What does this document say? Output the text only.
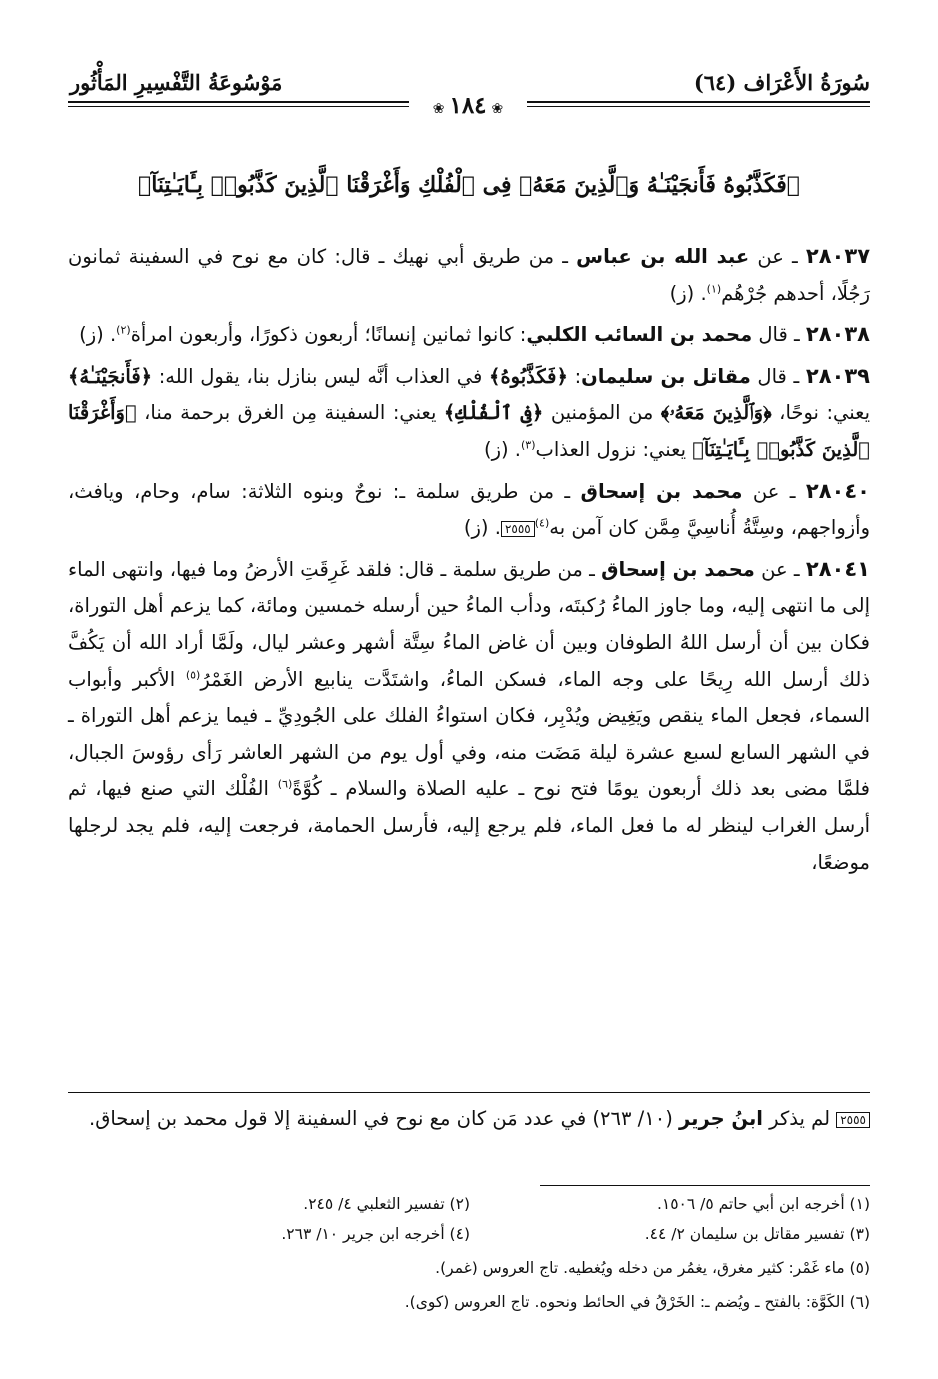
سُورَةُ الأَعْرَاف (٦٤)
مَوْسُوعَةُ التَّفْسِيرِ المَأْثُور
❀١٨٤❀
﴿فَكَذَّبُوهُ فَأَنجَيْنَـٰهُ وَٱلَّذِينَ مَعَهُۥ فِى ٱلْفُلْكِ وَأَغْرَقْنَا ٱلَّذِينَ كَذَّبُوا۟ بِـَٔايَـٰتِنَآ﴾

٢٨٠٣٧ ـ عن عبد الله بن عباس ـ من طريق أبي نهيك ـ قال: كان مع نوح في السفينة ثمانون رَجُلًا، أحدهم جُرْهُم$^{(١)}$. (ز)

٢٨٠٣٨ ـ قال محمد بن السائب الكلبي: كانوا ثمانين إنسانًا؛ أربعون ذكورًا، وأربعون امرأة$^{(٢)}$. (ز)

٢٨٠٣٩ ـ قال مقاتل بن سليمان: ﴿فَكَذَّبُوهُ﴾ في العذاب أنَّه ليس بنازل بنا، يقول الله: ﴿فَأَنجَيْنَـٰهُ﴾ يعني: نوحًا، ﴿وَٱلَّذِينَ مَعَهُۥ﴾ من المؤمنين ﴿فِى ٱلْفُلْكِ﴾ يعني: السفينة مِن الغرق برحمة منا، ﴿وَأَغْرَقْنَا ٱلَّذِينَ كَذَّبُوا۟ بِـَٔايَـٰتِنَآ﴾ يعني: نزول العذاب$^{(٣)}$. (ز)

٢٨٠٤٠ ـ عن محمد بن إسحاق ـ من طريق سلمة ـ: نوحٌ وبنوه الثلاثة: سام، وحام، ويافث، وأزواجهم، وسِتَّةُ أُناسِيَّ مِمَّن كان آمن به$^{(٤)}$٢٥٥٥. (ز)

٢٨٠٤١ ـ عن محمد بن إسحاق ـ من طريق سلمة ـ قال: فلقد غَرِقَتِ الأرضُ وما فيها، وانتهى الماء إلى ما انتهى إليه، وما جاوز الماءُ رُكبتَه، ودأب الماءُ حين أرسله خمسين ومائة، كما يزعم أهل التوراة، فكان بين أن أرسل اللهُ الطوفان وبين أن غاض الماءُ سِتَّة أشهر وعشر ليال، ولَمَّا أراد الله أن يَكُفَّ ذلك أرسل الله رِيحًا على وجه الماء، فسكن الماءُ، واشتَدَّت ينابيع الأرض الغَمْرُ$^{(٥)}$ الأكبر وأبواب السماء، فجعل الماء ينقص ويَغِيض ويُدْبِر، فكان استواءُ الفلك على الجُودِيِّ ـ فيما يزعم أهل التوراة ـ في الشهر السابع لسبع عشرة ليلة مَضَت منه، وفي أول يوم من الشهر العاشر رَأى رؤوسَ الجبال، فلمَّا مضى بعد ذلك أربعون يومًا فتح نوح ـ عليه الصلاة والسلام ـ كُوَّةً$^{(٦)}$ الفُلْك التي صنع فيها، ثم أرسل الغراب لينظر له ما فعل الماء، فلم يرجع إليه، فأرسل الحمامة، فرجعت إليه، فلم يجد لرجلها موضعًا،

٢٥٥٥ لم يذكر ابنُ جرير (١٠/ ٢٦٣) في عدد مَن كان مع نوح في السفينة إلا قول محمد بن إسحاق.
(١) أخرجه ابن أبي حاتم ٥/ ١٥٠٦.
(٢) تفسير الثعلبي ٤/ ٢٤٥.
(٣) تفسير مقاتل بن سليمان ٢/ ٤٤.
(٤) أخرجه ابن جرير ١٠/ ٢٦٣.
(٥) ماء غَمْر: كثير مغرق، يغمُر من دخله ويُغطيه. تاج العروس (غمر).
(٦) الكَوَّة: بالفتح ـ ويُضم ـ: الخَرْقُ في الحائط ونحوه. تاج العروس (كوى).
